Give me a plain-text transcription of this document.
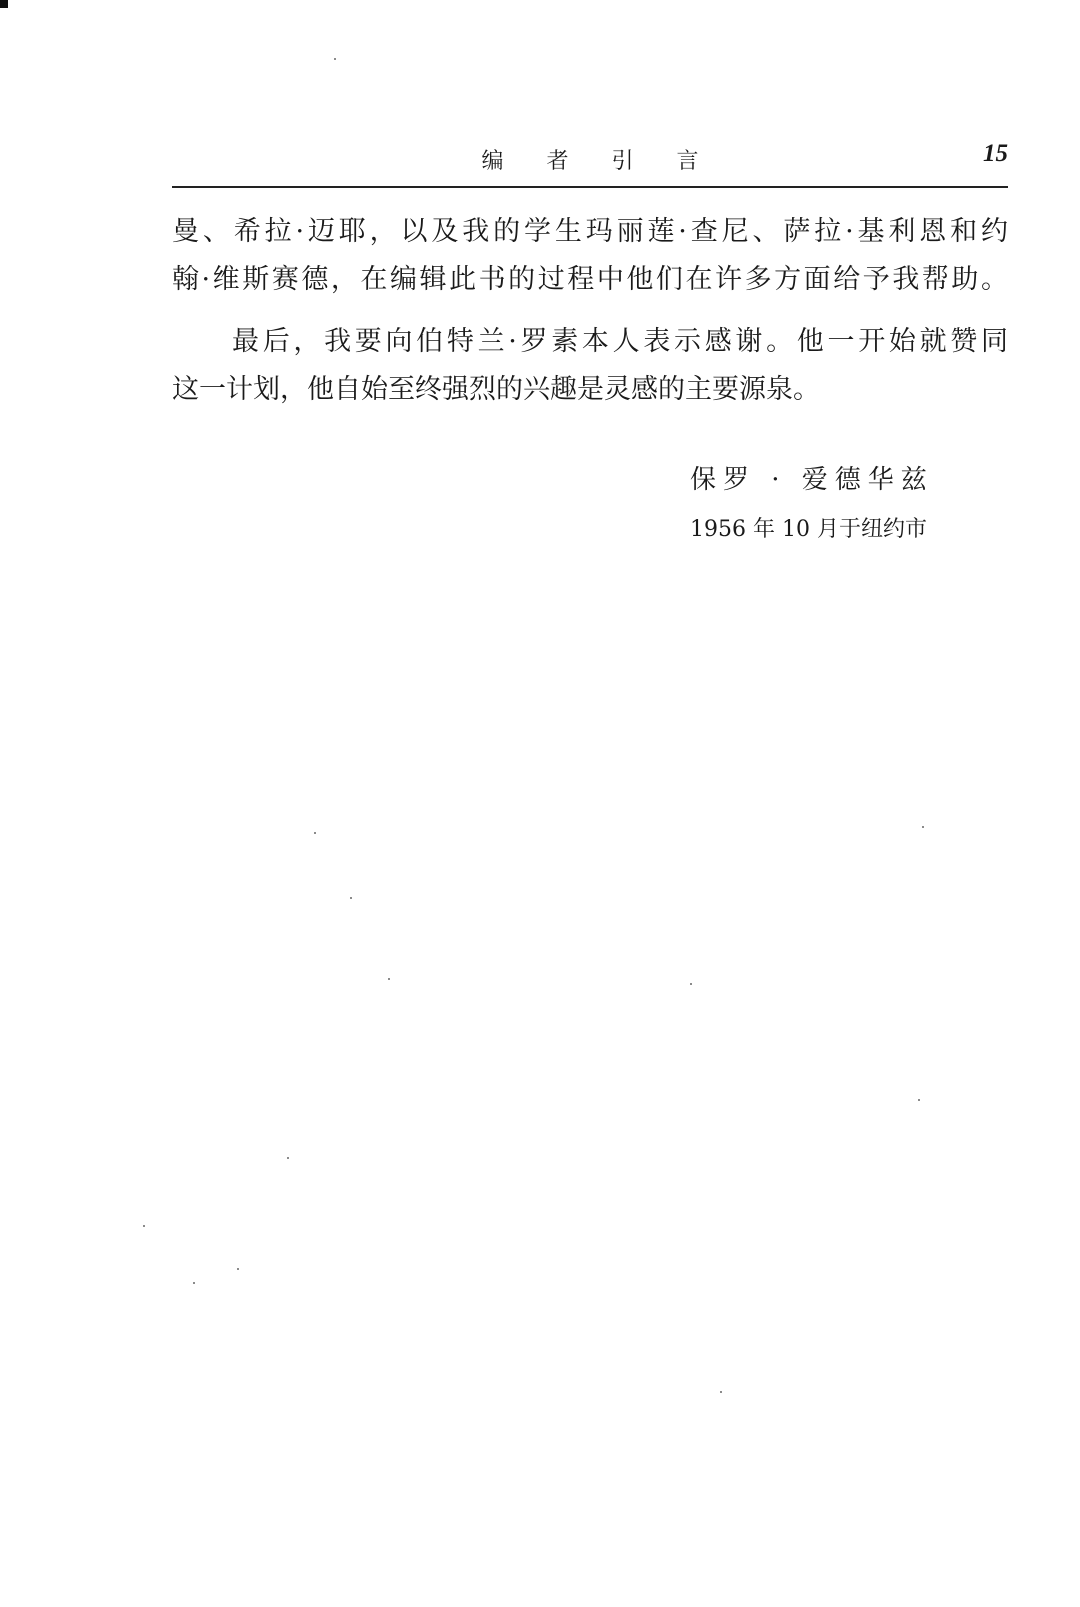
编 者 引 言	15

曼、希拉·迈耶，以及我的学生玛丽莲·查尼、萨拉·基利恩和约
翰·维斯赛德，在编辑此书的过程中他们在许多方面给予我帮助。

最后，我要向伯特兰·罗素本人表示感谢。他一开始就赞同
这一计划，他自始至终强烈的兴趣是灵感的主要源泉。

保罗 · 爱德华兹
1956 年 10 月于纽约市
